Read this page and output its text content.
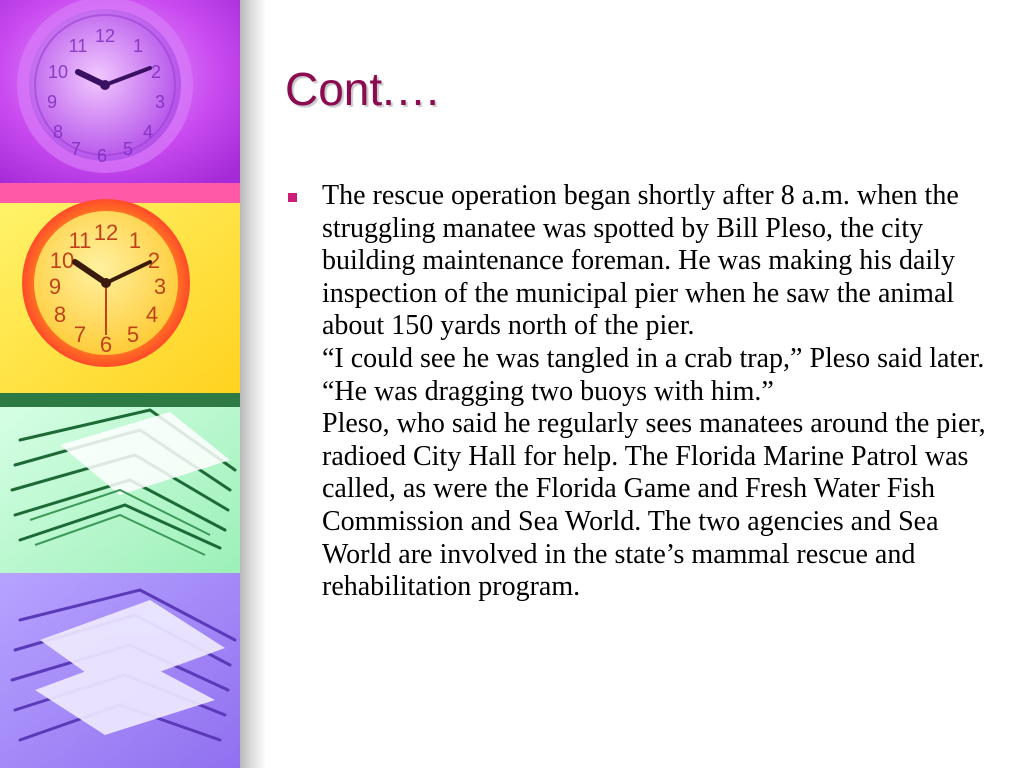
12 1
2
3
4
5
6
7
8
9
10
11
12 1
2
3
4
5
6
7
8
9
10
11
Cont.…
The rescue operation began shortly after 8 a.m. when the struggling manatee was spotted by Bill Pleso, the city building maintenance foreman. He was making his daily inspection of the municipal pier when he saw the animal about 150 yards north of the pier.
“I could see he was tangled in a crab trap,” Pleso said later. “He was dragging two buoys with him.”
Pleso, who said he regularly sees manatees around the pier, radioed City Hall for help. The Florida Marine Patrol was called, as were the Florida Game and Fresh Water Fish Commission and Sea World. The two agencies and Sea World are involved in the state’s mammal rescue and rehabilitation program.
